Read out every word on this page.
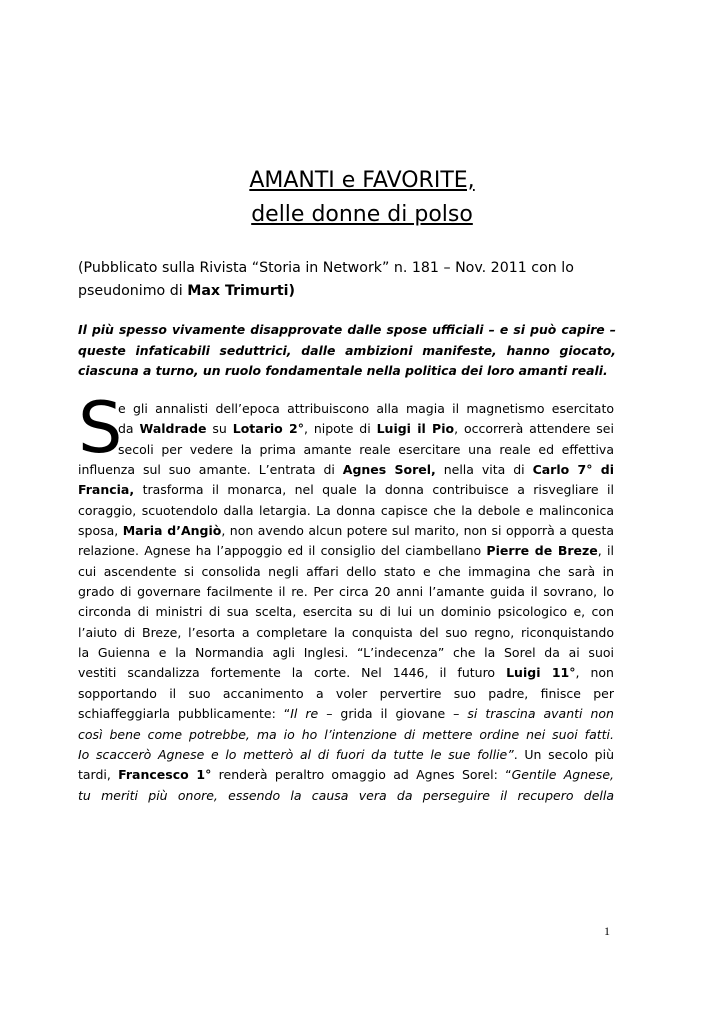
AMANTI e FAVORITE,
delle donne di polso
(Pubblicato sulla Rivista “Storia in Network” n. 181 – Nov. 2011 con lo
pseudonimo di Max Trimurti)
Il più spesso vivamente disapprovate dalle spose ufficiali – e si può capire –
queste infaticabili seduttrici, dalle ambizioni manifeste, hanno giocato,
ciascuna a turno, un ruolo fondamentale nella politica dei loro amanti reali.
S
e gli annalisti dell’epoca attribuiscono alla magia il magnetismo esercitato
da Waldrade su Lotario 2°, nipote di Luigi il Pio, occorrerà attendere sei
secoli per vedere la prima amante reale esercitare una reale ed effettiva
influenza sul suo amante. L’entrata di Agnes Sorel, nella vita di Carlo 7° di
Francia, trasforma il monarca, nel quale la donna contribuisce a risvegliare il
coraggio, scuotendolo dalla letargia. La donna capisce che la debole e malinconica
sposa, Maria d’Angiò, non avendo alcun potere sul marito, non si opporrà a questa
relazione. Agnese ha l’appoggio ed il consiglio del ciambellano Pierre de Breze, il
cui ascendente si consolida negli affari dello stato e che immagina che sarà in
grado di governare facilmente il re. Per circa 20 anni l’amante guida il sovrano, lo
circonda di ministri di sua scelta, esercita su di lui un dominio psicologico e, con
l’aiuto di Breze, l’esorta a completare la conquista del suo regno, riconquistando
la Guienna e la Normandia agli Inglesi. “L’indecenza” che la Sorel da ai suoi
vestiti scandalizza fortemente la corte. Nel 1446, il futuro Luigi 11°, non
sopportando il suo accanimento a voler pervertire suo padre, finisce per
schiaffeggiarla pubblicamente: “Il re – grida il giovane – si trascina avanti non
così bene come potrebbe, ma io ho l’intenzione di mettere ordine nei suoi fatti.
Io scaccerò Agnese e lo metterò al di fuori da tutte le sue follie”. Un secolo più
tardi, Francesco 1° renderà peraltro omaggio ad Agnes Sorel: “Gentile Agnese,
tu meriti più onore, essendo la causa vera da perseguire il recupero della
1
